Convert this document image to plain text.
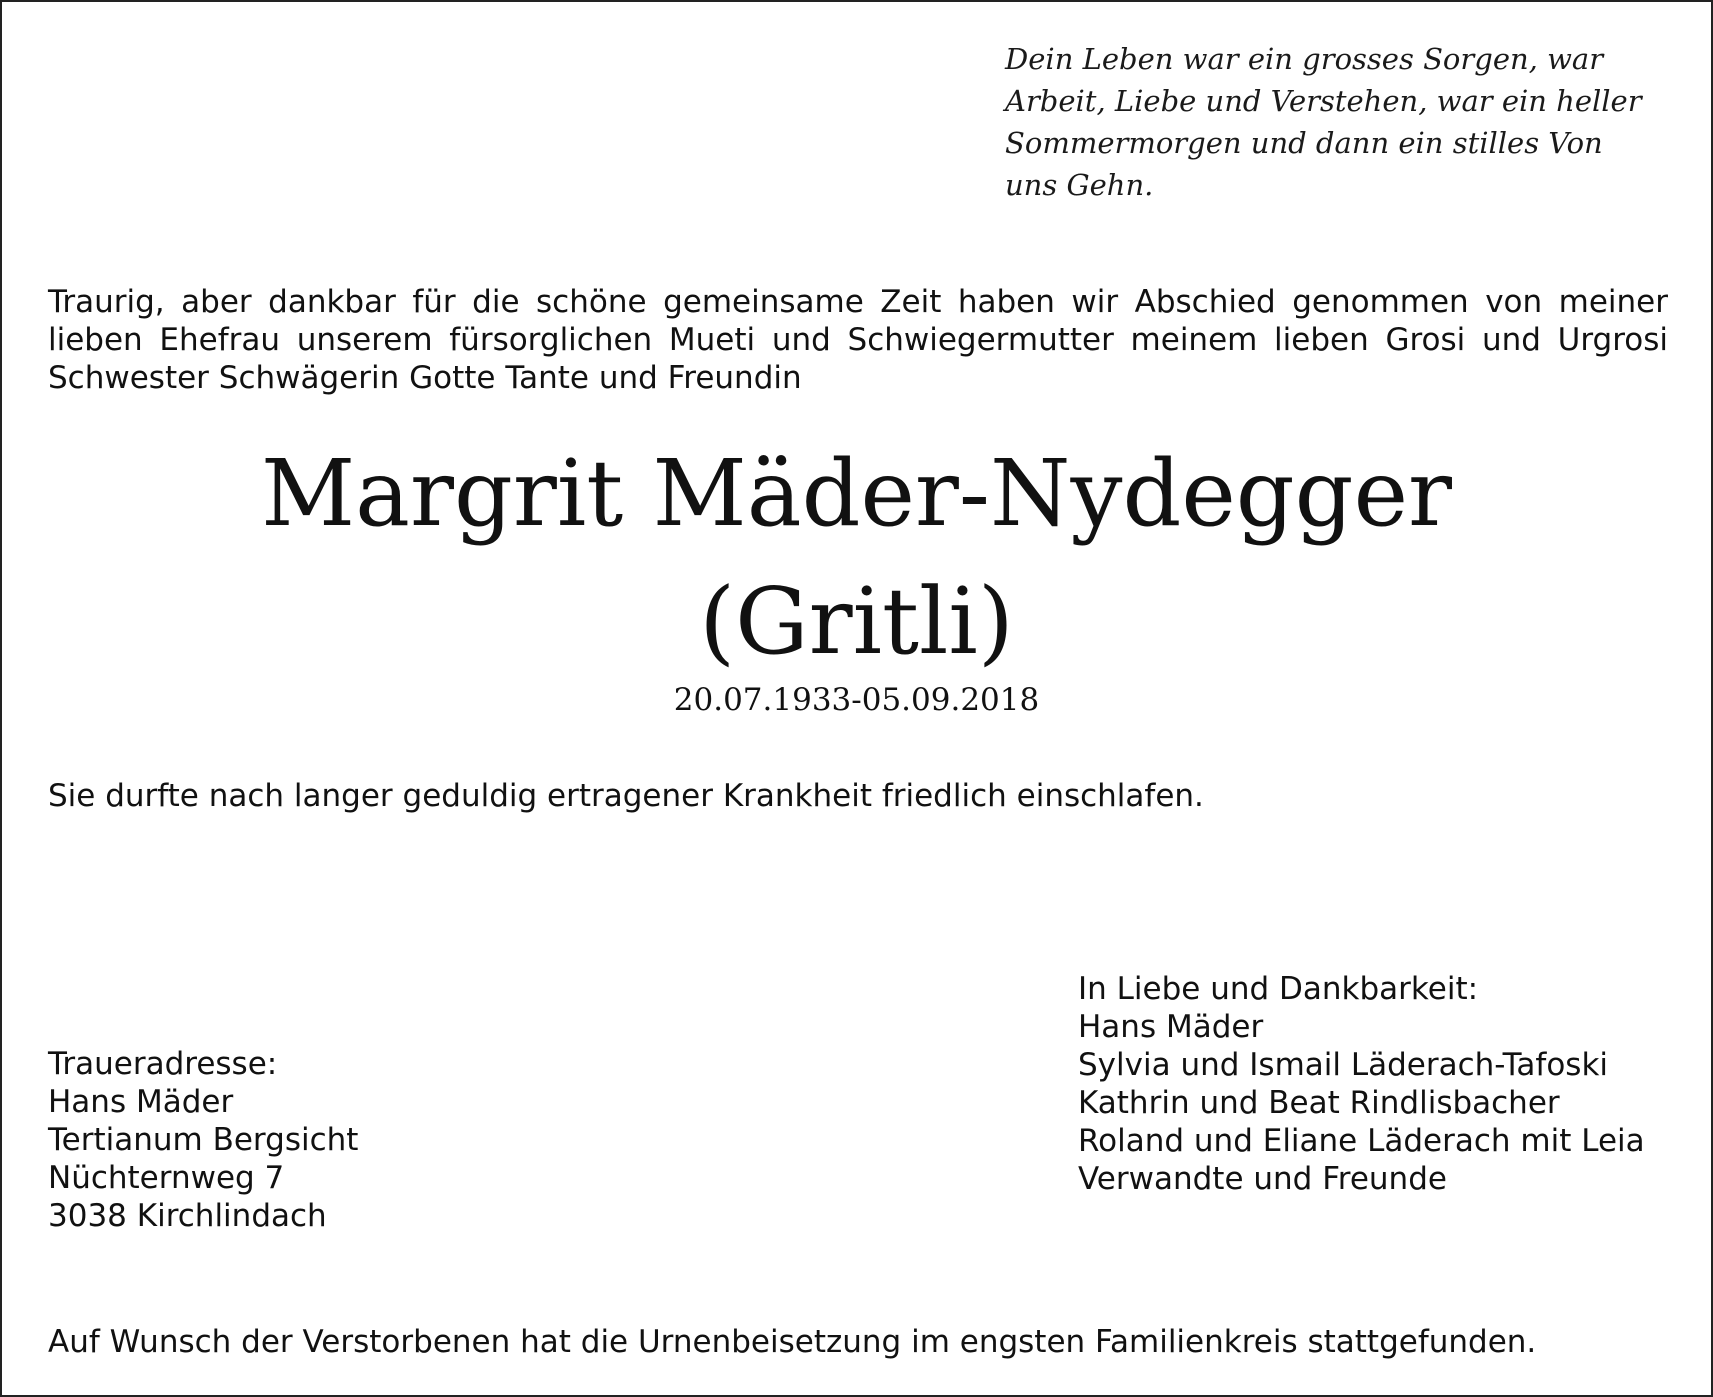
Dein Leben war ein grosses Sorgen, war
Arbeit, Liebe und Verstehen, war ein heller
Sommermorgen und dann ein stilles Von
uns Gehn.
Traurig, aber dankbar für die schöne gemeinsame Zeit haben wir Abschied genommen von meiner
lieben Ehefrau unserem fürsorglichen Mueti und Schwiegermutter meinem lieben Grosi und Urgrosi
Schwester Schwägerin Gotte Tante und Freundin
Margrit Mäder-Nydegger
(Gritli)
20.07.1933-05.09.2018
Sie durfte nach langer geduldig ertragener Krankheit friedlich einschlafen.
Traueradresse:
Hans Mäder
Tertianum Bergsicht
Nüchternweg 7
3038 Kirchlindach
In Liebe und Dankbarkeit:
Hans Mäder
Sylvia und Ismail Läderach-Tafoski
Kathrin und Beat Rindlisbacher
Roland und Eliane Läderach mit Leia
Verwandte und Freunde
Auf Wunsch der Verstorbenen hat die Urnenbeisetzung im engsten Familienkreis stattgefunden.
